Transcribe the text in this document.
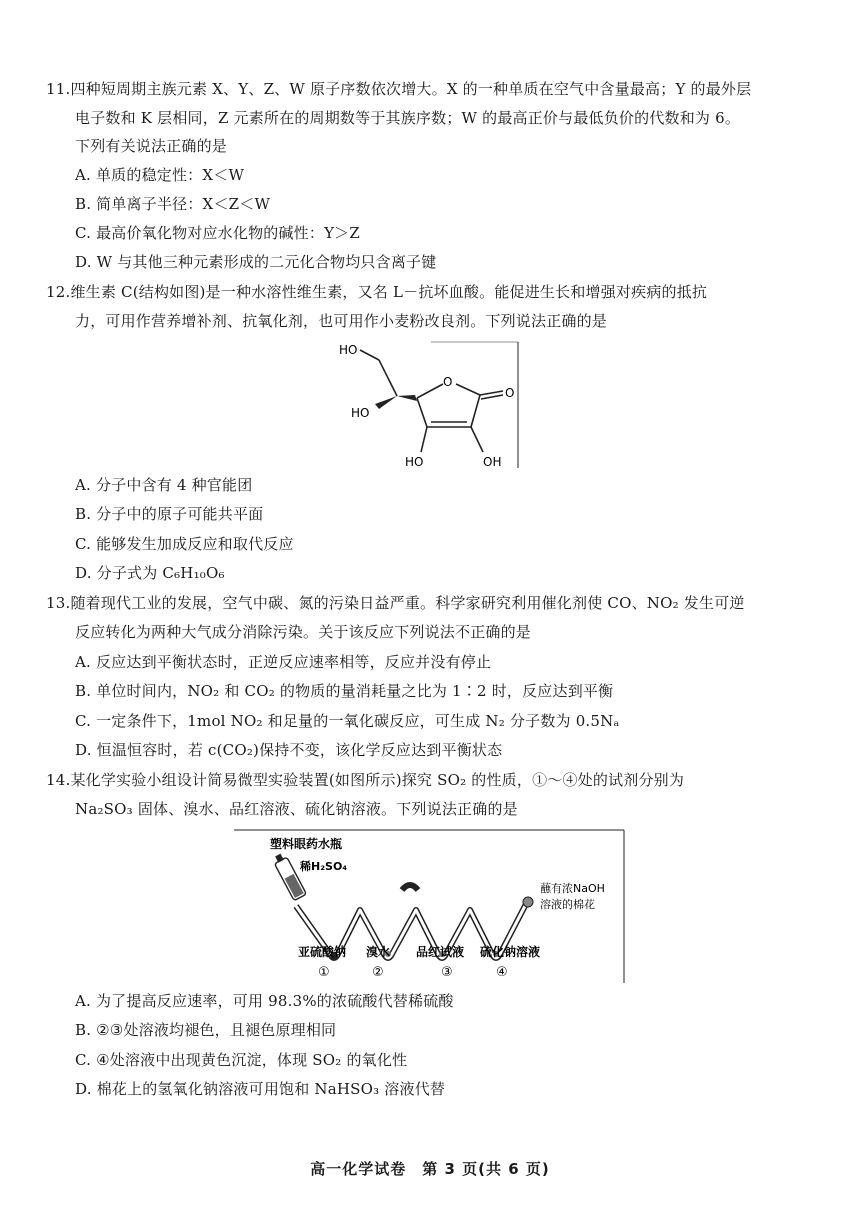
11.四种短周期主族元素 X、Y、Z、W 原子序数依次增大。X 的一种单质在空气中含量最高；Y 的最外层
电子数和 K 层相同，Z 元素所在的周期数等于其族序数；W 的最高正价与最低负价的代数和为 6。
下列有关说法正确的是
A. 单质的稳定性：X＜W
B. 简单离子半径：X＜Z＜W
C. 最高价氧化物对应水化物的碱性：Y＞Z
D. W 与其他三种元素形成的二元化合物均只含离子键
12.维生素 C(结构如图)是一种水溶性维生素，又名 L－抗坏血酸。能促进生长和增强对疾病的抵抗
力，可用作营养增补剂、抗氧化剂，也可用作小麦粉改良剂。下列说法正确的是
HO
HO
O
O
HO	OH
A. 分子中含有 4 种官能团
B. 分子中的原子可能共平面
C. 能够发生加成反应和取代反应
D. 分子式为 C₆H₁₀O₆
13.随着现代工业的发展，空气中碳、氮的污染日益严重。科学家研究利用催化剂使 CO、NO₂ 发生可逆
反应转化为两种大气成分消除污染。关于该反应下列说法不正确的是
A. 反应达到平衡状态时，正逆反应速率相等，反应并没有停止
B. 单位时间内，NO₂ 和 CO₂ 的物质的量消耗量之比为 1∶2 时，反应达到平衡
C. 一定条件下，1mol NO₂ 和足量的一氧化碳反应，可生成 N₂ 分子数为 0.5Nₐ
D. 恒温恒容时，若 c(CO₂)保持不变，该化学反应达到平衡状态
14.某化学实验小组设计简易微型实验装置(如图所示)探究 SO₂ 的性质，①～④处的试剂分别为
Na₂SO₃ 固体、溴水、品红溶液、硫化钠溶液。下列说法正确的是
塑料眼药水瓶
稀H₂SO₄
蘸有浓NaOH
溶液的棉花
亚硫酸钠 溴水 品红试液 硫化钠溶液
①	②	③	④
A. 为了提高反应速率，可用 98.3%的浓硫酸代替稀硫酸
B. ②③处溶液均褪色，且褪色原理相同
C. ④处溶液中出现黄色沉淀，体现 SO₂ 的氧化性
D. 棉花上的氢氧化钠溶液可用饱和 NaHSO₃ 溶液代替
高一化学试卷　第 3 页(共 6 页)
